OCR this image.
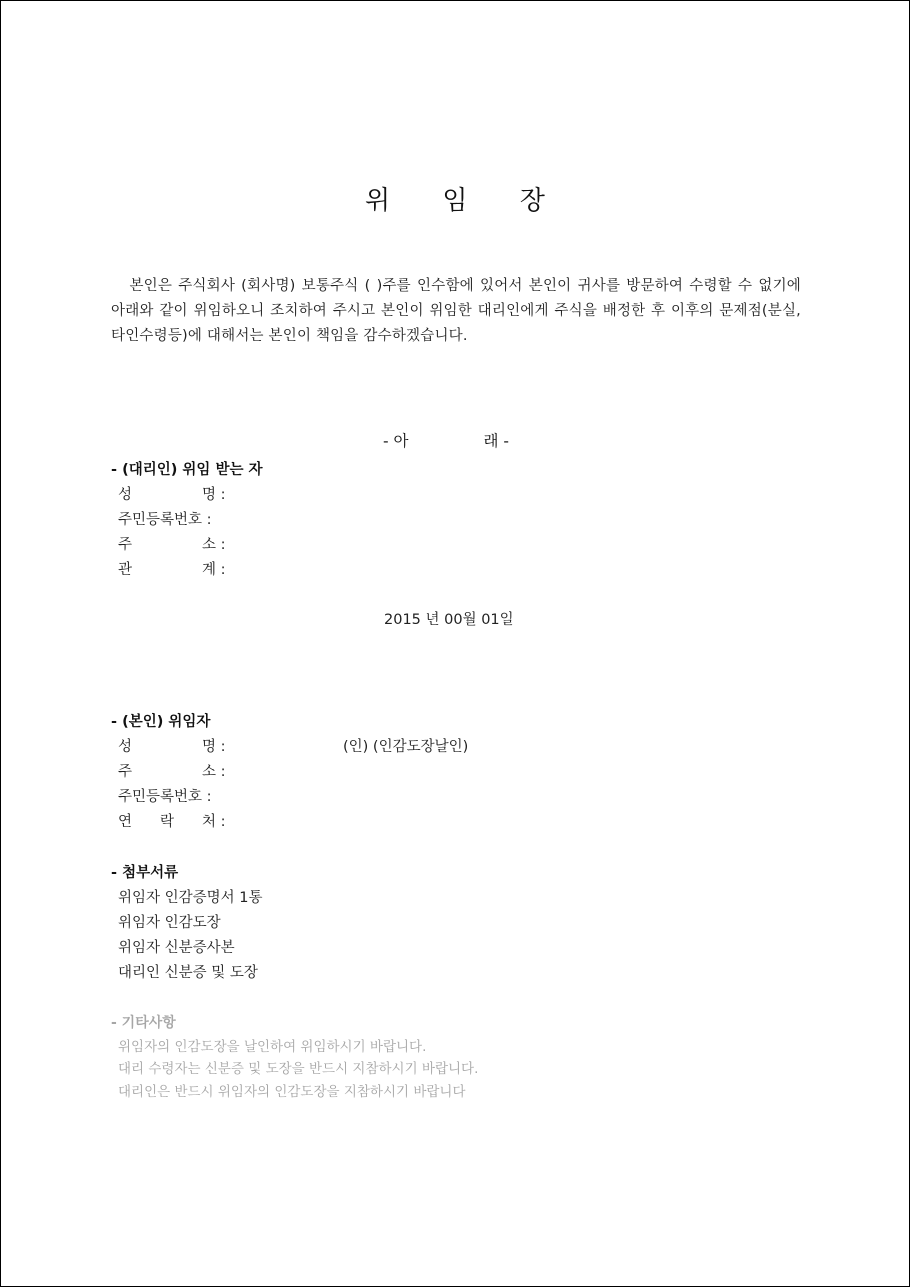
위 임 장
본인은 주식회사 (회사명) 보통주식 ( )주를 인수함에 있어서 본인이 귀사를 방문하여 수령할 수 없기에 아래와 같이 위임하오니 조치하여 주시고 본인이 위임한 대리인에게 주식을 배정한 후 이후의 문제점(분실,타인수령등)에 대해서는 본인이 책임을 감수하겠습니다.
- 아	래 -
- (대리인) 위임 받는 자
성	명 :
주민등록번호 :
주	소 :
관	계 :
2015 년 00월 01일
- (본인) 위임자
성	명 :	(인) (인감도장날인)
주	소 :
주민등록번호 :
연 락 처 :
- 첨부서류
위임자 인감증명서 1통
위임자 인감도장
위임자 신분증사본
대리인 신분증 및 도장
- 기타사항
위임자의 인감도장을 날인하여 위임하시기 바랍니다.
대리 수령자는 신분증 및 도장을 반드시 지참하시기 바랍니다.
대리인은 반드시 위임자의 인감도장을 지참하시기 바랍니다
